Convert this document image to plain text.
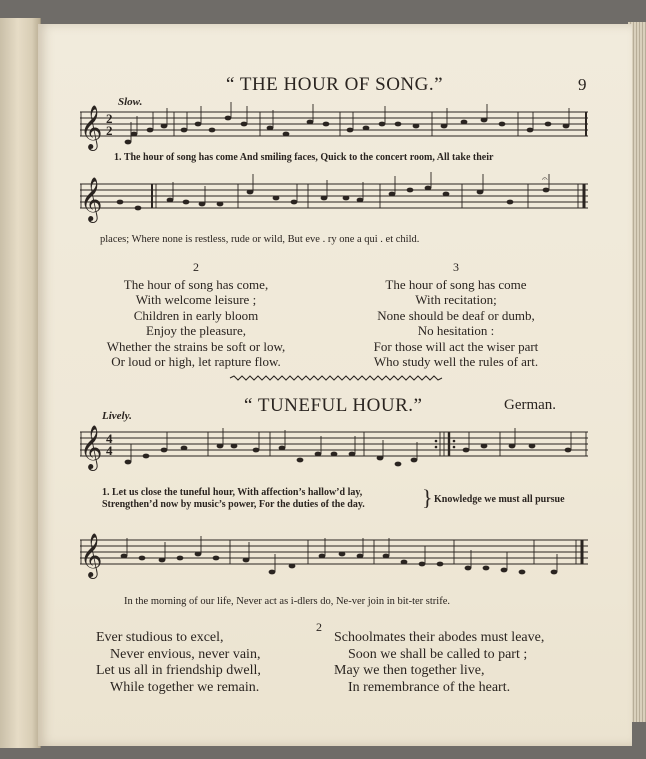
“ THE HOUR OF SONG.”	9
Slow.
𝄞 2
2
1. The hour of song has come And smiling faces, Quick to the concert room, All take their
𝄞	𝄐
places; Where none is restless, rude or wild, But eve . ry one a qui . et child.
2
The hour of song has come,
With welcome leisure ;
Children in early bloom
Enjoy the pleasure,
Whether the strains be soft or low,
Or loud or high, let rapture flow.
3
The hour of song has come
With recitation;
None should be deaf or dumb,
No hesitation :
For those will act the wiser part
Who study well the rules of art.
“ TUNEFUL HOUR.”	German.
Lively.
𝄞 4
4
1. Let us close the tuneful hour, With affection’s hallow’d lay,
Strengthen’d now by music’s power, For the duties of the day.	} Knowledge we must all pursue
𝄞
In the morning of our life, Never act as i-dlers do, Ne-ver join in bit-ter strife.
2
Ever studious to excel,
Never envious, never vain,
Let us all in friendship dwell,
While together we remain.
Schoolmates their abodes must leave,
Soon we shall be called to part ;
May we then together live,
In remembrance of the heart.
